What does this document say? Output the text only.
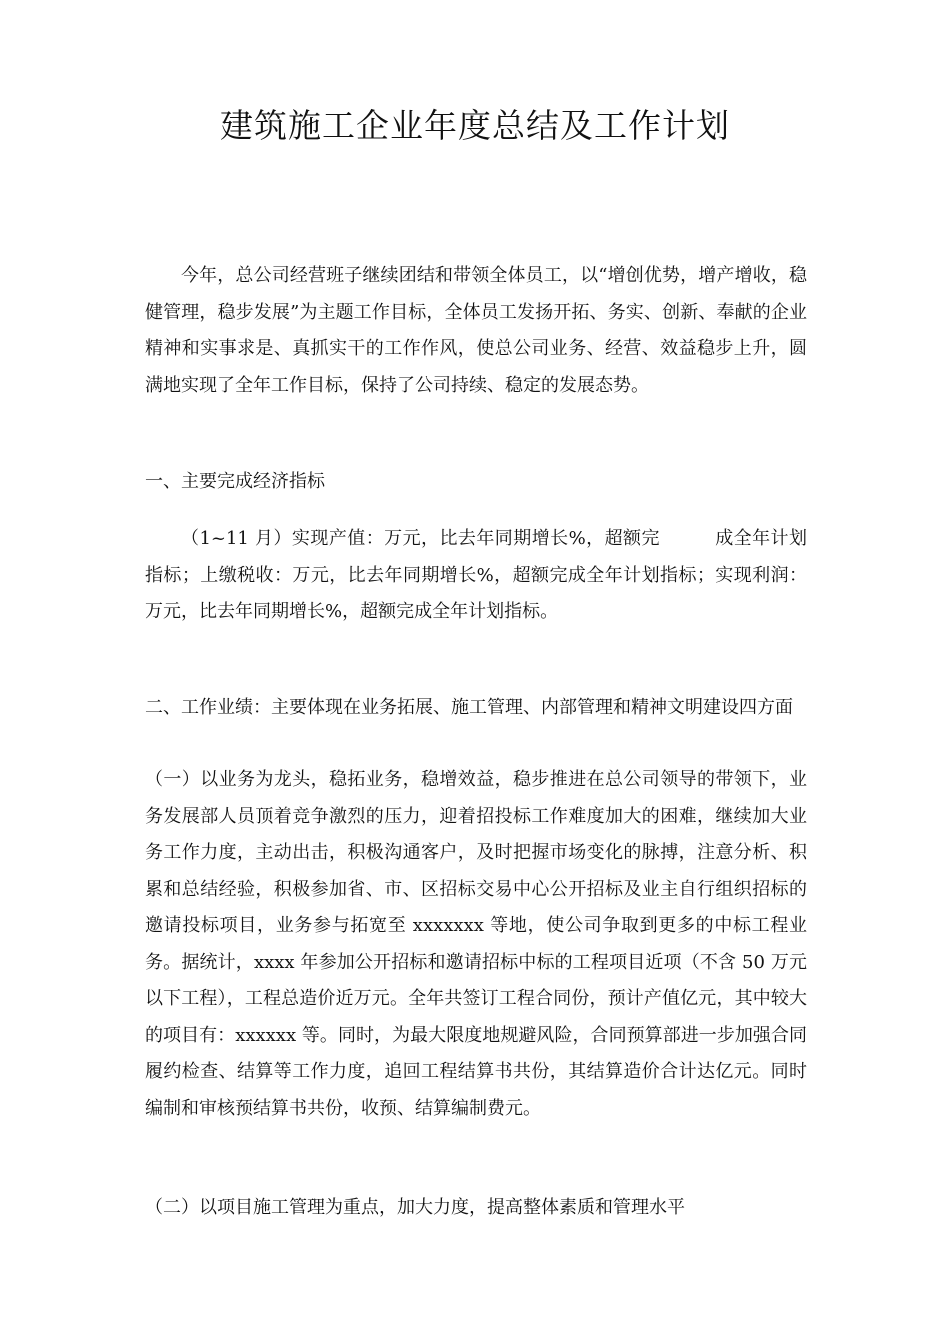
建筑施工企业年度总结及工作计划

今年，总公司经营班子继续团结和带领全体员工，以“增创优势，增产增收，稳健管理，稳步发展”为主题工作目标，全体员工发扬开拓、务实、创新、奉献的企业精神和实事求是、真抓实干的工作作风，使总公司业务、经营、效益稳步上升，圆满地实现了全年工作目标，保持了公司持续、稳定的发展态势。

一、主要完成经济指标

（1~11 月）实现产值：万元，比去年同期增长%，超额完　　　成全年计划指标；上缴税收：万元，比去年同期增长%，超额完成全年计划指标；实现利润：万元，比去年同期增长%，超额完成全年计划指标。

二、工作业绩：主要体现在业务拓展、施工管理、内部管理和精神文明建设四方面

（一）以业务为龙头，稳拓业务，稳增效益，稳步推进在总公司领导的带领下，业务发展部人员顶着竞争激烈的压力，迎着招投标工作难度加大的困难，继续加大业务工作力度，主动出击，积极沟通客户，及时把握市场变化的脉搏，注意分析、积累和总结经验，积极参加省、市、区招标交易中心公开招标及业主自行组织招标的邀请投标项目，业务参与拓宽至 xxxxxxx 等地，使公司争取到更多的中标工程业务。据统计，xxxx 年参加公开招标和邀请招标中标的工程项目近项（不含 50 万元以下工程），工程总造价近万元。全年共签订工程合同份，预计产值亿元，其中较大的项目有：xxxxxx 等。同时，为最大限度地规避风险，合同预算部进一步加强合同履约检查、结算等工作力度，追回工程结算书共份，其结算造价合计达亿元。同时编制和审核预结算书共份，收预、结算编制费元。

（二）以项目施工管理为重点，加大力度，提高整体素质和管理水平
